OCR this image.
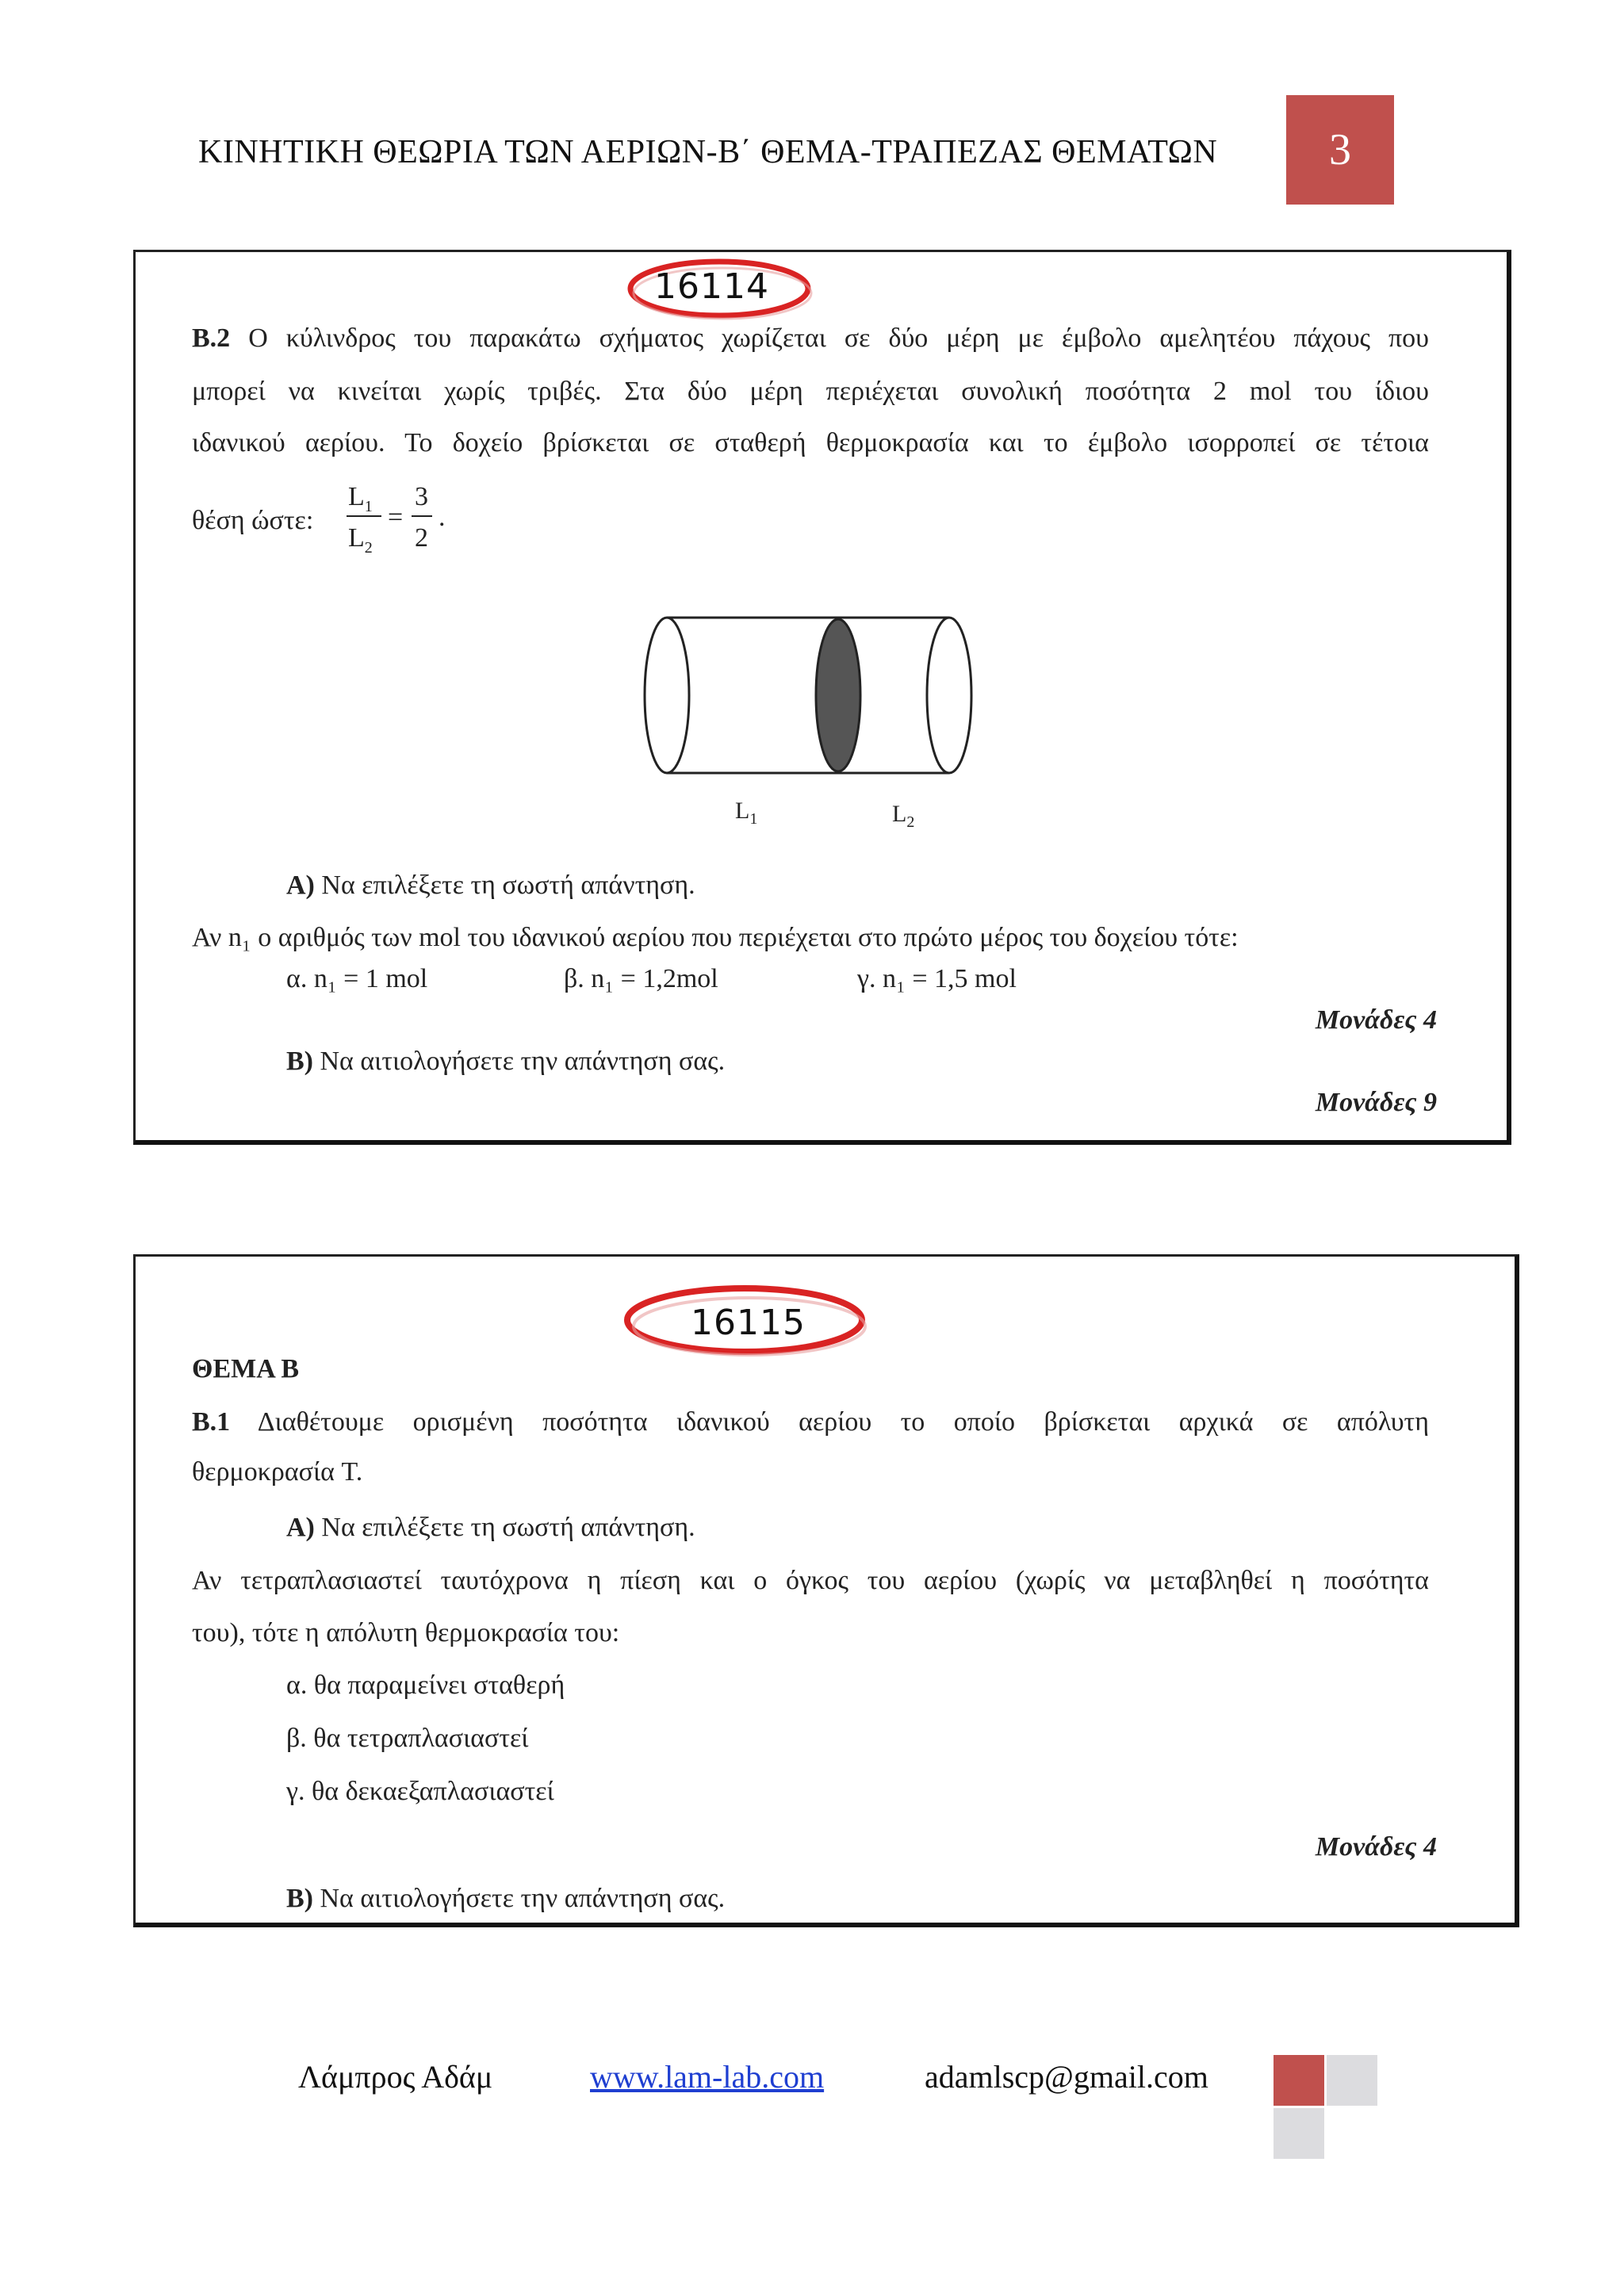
ΚΙΝΗΤΙΚΗ ΘΕΩΡΙΑ ΤΩΝ ΑΕΡΙΩΝ-Β΄ ΘΕΜΑ-ΤΡΑΠΕΖΑΣ ΘΕΜΑΤΩΝ	3
16114
Β.2 Ο κύλινδρος του παρακάτω σχήματος χωρίζεται σε δύο μέρη με έμβολο αμελητέου πάχους που
μπορεί να κινείται χωρίς τριβές. Στα δύο μέρη περιέχεται συνολική ποσότητα 2 mol του ίδιου
ιδανικού αερίου. Το δοχείο βρίσκεται σε σταθερή θερμοκρασία και το έμβολο ισορροπεί σε τέτοια
θέση ώστε:
$L_1$
$L_2$
=
3
2
.
$L_1$	$L_2$
Α) Να επιλέξετε τη σωστή απάντηση.
Αν n₁ ο αριθμός των mol του ιδανικού αερίου που περιέχεται στο πρώτο μέρος του δοχείου τότε:
α. n₁ = 1 mol	β. n₁ = 1,2mol	γ. n₁ = 1,5 mol
Μονάδες 4
Β) Να αιτιολογήσετε την απάντηση σας.
Μονάδες 9
16115
ΘΕΜΑ Β
Β.1 Διαθέτουμε ορισμένη ποσότητα ιδανικού αερίου το οποίο βρίσκεται αρχικά σε απόλυτη
θερμοκρασία T.
Α) Να επιλέξετε τη σωστή απάντηση.
Αν τετραπλασιαστεί ταυτόχρονα η πίεση και ο όγκος του αερίου (χωρίς να μεταβληθεί η ποσότητα
του), τότε η απόλυτη θερμοκρασία του:
α. θα παραμείνει σταθερή
β. θα τετραπλασιαστεί
γ. θα δεκαεξαπλασιαστεί
Μονάδες 4
Β) Να αιτιολογήσετε την απάντηση σας.
Λάμπρος Αδάμ	www.lam-lab.com	adamlscp@gmail.com
